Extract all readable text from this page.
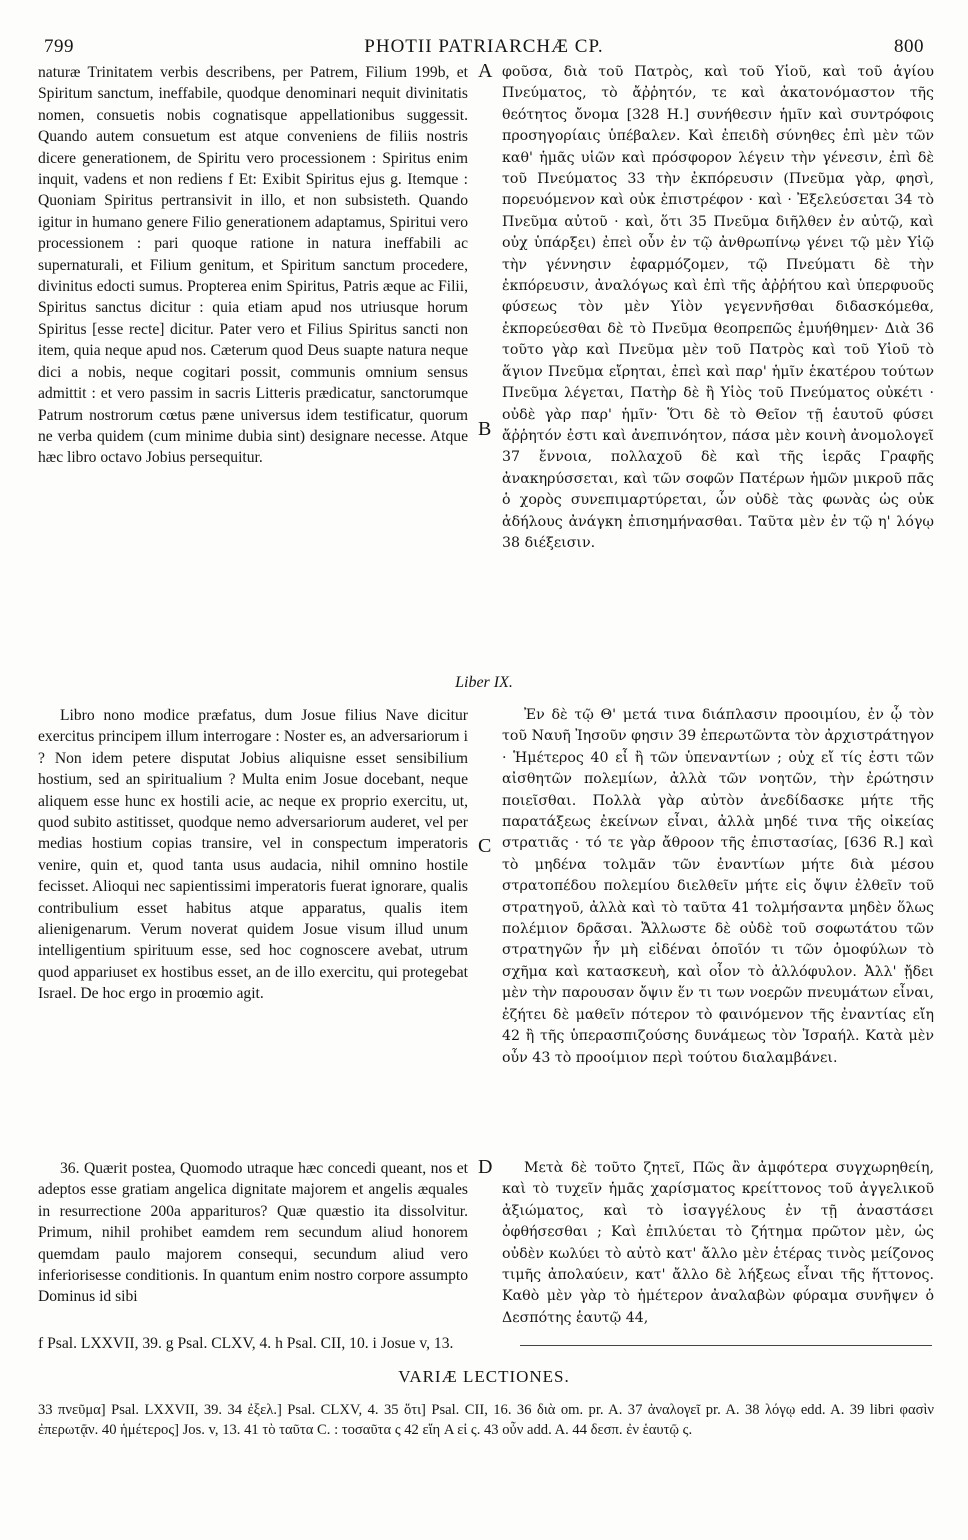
799	PHOTII PATRIARCHÆ CP.	800
A
B
C
D

naturæ Trinitatem verbis describens, per Patrem, Filium 199b, et Spiritum sanctum, ineffabile, quodque denominari nequit divinitatis nomen, consuetis nobis cognatisque appellationibus suggessit. Quando autem consuetum est atque conveniens de filiis nostris dicere generationem, de Spiritu vero processionem : Spiritus enim inquit, vadens et non rediens f Et: Exibit Spiritus ejus g. Itemque : Quoniam Spiritus pertransivit in illo, et non subsisteth. Quando igitur in humano genere Filio generationem adaptamus, Spiritui vero processionem : pari quoque ratione in natura ineffabili ac supernaturali, et Filium genitum, et Spiritum sanctum procedere, divinitus edocti sumus. Propterea enim Spiritus, Patris æque ac Filii, Spiritus sanctus dicitur : quia etiam apud nos utriusque horum Spiritus [esse recte] dicitur. Pater vero et Filius Spiritus sancti non item, quia neque apud nos. Cæterum quod Deus suapte natura neque dici a nobis, neque cogitari possit, communis omnium sensus admittit : et vero passim in sacris Litteris prædicatur, sanctorumque Patrum nostrorum cœtus pæne universus idem testificatur, quorum ne verba quidem (cum minime dubia sint) designare necesse. Atque hæc libro octavo Jobius persequitur.

φοῦσα, διὰ τοῦ Πατρὸς, καὶ τοῦ Υἱοῦ, καὶ τοῦ ἁγίου Πνεύματος, τὸ ἄῤῥητόν, τε καὶ ἀκατονόμαστον τῆς θεότητος ὄνομα [328 H.] συνήθεσιν ἡμῖν καὶ συντρόφοις προσηγορίαις ὑπέβαλεν. Καὶ ἐπειδὴ σύνηθες ἐπὶ μὲν τῶν καθ' ἡμᾶς υἱῶν καὶ πρόσφορον λέγειν τὴν γένεσιν, ἐπὶ δὲ τοῦ Πνεύματος 33 τὴν ἐκπόρευσιν (Πνεῦμα γὰρ, φησὶ, πορευόμενον καὶ οὐκ ἐπιστρέφον · καὶ · Ἐξελεύσεται 34 τὸ Πνεῦμα αὐτοῦ · καὶ, ὅτι 35 Πνεῦμα διῆλθεν ἐν αὐτῷ, καὶ οὐχ ὑπάρξει) ἐπεὶ οὖν ἐν τῷ ἀνθρωπίνῳ γένει τῷ μὲν Υἱῷ τὴν γέννησιν ἐφαρμόζομεν, τῷ Πνεύματι δὲ τὴν ἐκπόρευσιν, ἀναλόγως καὶ ἐπὶ τῆς ἀῤῥήτου καὶ ὑπερφυοῦς φύσεως τὸν μὲν Υἱὸν γεγεννῆσθαι διδασκόμεθα, ἐκπορεύεσθαι δὲ τὸ Πνεῦμα θεοπρεπῶς ἐμυήθημεν· Διὰ 36 τοῦτο γὰρ καὶ Πνεῦμα μὲν τοῦ Πατρὸς καὶ τοῦ Υἱοῦ τὸ ἅγιον Πνεῦμα εἴρηται, ἐπεὶ καὶ παρ' ἡμῖν ἑκατέρου τούτων Πνεῦμα λέγεται, Πατὴρ δὲ ἢ Υἱὸς τοῦ Πνεύματος οὐκέτι · οὐδὲ γὰρ παρ' ἡμῖν· Ὅτι δὲ τὸ Θεῖον τῇ ἑαυτοῦ φύσει ἄῤῥητόν ἐστι καὶ ἀνεπινόητον, πάσα μὲν κοινὴ ἀνομολογεῖ 37 ἔννοια, πολλαχοῦ δὲ καὶ τῆς ἱερᾶς Γραφῆς ἀνακηρύσσεται, καὶ τῶν σοφῶν Πατέρων ἡμῶν μικροῦ πᾶς ὁ χορὸς συνεπιμαρτύρεται, ὧν οὐδὲ τὰς φωνὰς ὡς οὐκ ἀδήλους ἀνάγκη ἐπισημήνασθαι. Ταῦτα μὲν ἐν τῷ η' λόγῳ 38 διέξεισιν.

Liber IX.

Libro nono modice præfatus, dum Josue filius Nave dicitur exercitus principem illum interrogare : Noster es, an adversariorum i ? Non idem petere disputat Jobius aliquisne esset sensibilium hostium, sed an spiritualium ? Multa enim Josue docebant, neque aliquem esse hunc ex hostili acie, ac neque ex proprio exercitu, ut, quod subito astitisset, quodque nemo adversariorum auderet, vel per medias hostium copias transire, vel in conspectum imperatoris venire, quin et, quod tanta usus audacia, nihil omnino hostile fecisset. Alioqui nec sapientissimi imperatoris fuerat ignorare, qualis contribulium esset habitus atque apparatus, qualis item alienigenarum. Verum noverat quidem Josue visum illud unum intelligentium spirituum esse, sed hoc cognoscere avebat, utrum quod appariuset ex hostibus esset, an de illo exercitu, qui protegebat Israel. De hoc ergo in proœmio agit.

Ἐν δὲ τῷ Θ' μετά τινα διάπλασιν προοιμίου, ἐν ᾧ τὸν τοῦ Ναυῆ Ἰησοῦν φησιν 39 ἐπερωτῶντα τὸν ἀρχιστράτηγον · Ἡμέτερος 40 εἶ ἢ τῶν ὑπεναντίων ; οὐχ εἴ τίς ἐστι τῶν αἰσθητῶν πολεμίων, ἀλλὰ τῶν νοητῶν, τὴν ἐρώτησιν ποιεῖσθαι. Πολλὰ γὰρ αὐτὸν ἀνεδίδασκε μήτε τῆς παρατάξεως ἐκείνων εἶναι, ἀλλὰ μηδέ τινα τῆς οἰκείας στρατιᾶς · τό τε γὰρ ἄθροον τῆς ἐπιστασίας, [636 R.] καὶ τὸ μηδένα τολμᾶν τῶν ἐναντίων μήτε διὰ μέσου στρατοπέδου πολεμίου διελθεῖν μήτε εἰς ὄψιν ἐλθεῖν τοῦ στρατηγοῦ, ἀλλὰ καὶ τὸ ταῦτα 41 τολμήσαντα μηδὲν ὅλως πολέμιον δρᾶσαι. Ἄλλωστε δὲ οὐδὲ τοῦ σοφωτάτου τῶν στρατηγῶν ἦν μὴ εἰδέναι ὁποῖόν τι τῶν ὁμοφύλων τὸ σχῆμα καὶ κατασκευὴ, καὶ οἷον τὸ ἀλλόφυλον. Ἀλλ' ᾔδει μὲν τὴν παρουσαν ὄψιν ἕν τι των νοερῶν πνευμάτων εἶναι, ἐζήτει δὲ μαθεῖν πότερον τὸ φαινόμενον τῆς ἐναντίας εἴη 42 ἢ τῆς ὑπερασπιζούσης δυνάμεως τὸν Ἰσραήλ. Κατὰ μὲν οὖν 43 τὸ προοίμιον περὶ τούτου διαλαμβάνει.

36. Quærit postea, Quomodo utraque hæc concedi queant, nos et adeptos esse gratiam angelica dignitate majorem et angelis æquales in resurrectione 200a apparituros? Quæ quæstio ita dissolvitur. Primum, nihil prohibet eamdem rem secundum aliud honorem quemdam paulo majorem consequi, secundum aliud vero inferiorisesse conditionis. In quantum enim nostro corpore assumpto Dominus id sibi

Μετὰ δὲ τοῦτο ζητεῖ, Πῶς ἂν ἀμφότερα συγχωρηθείη, καὶ τὸ τυχεῖν ἡμᾶς χαρίσματος κρείττονος τοῦ ἀγγελικοῦ ἀξιώματος, καὶ τὸ ἰσαγγέλους ἐν τῇ ἀναστάσει ὀφθήσεσθαι ; Καὶ ἐπιλύεται τὸ ζήτημα πρῶτον μὲν, ὡς οὐδὲν κωλύει τὸ αὐτὸ κατ' ἄλλο μὲν ἑτέρας τινὸς μείζονος τιμῆς ἀπολαύειν, κατ' ἄλλο δὲ λήξεως εἶναι τῆς ἥττονος. Καθὸ μὲν γὰρ τὸ ἡμέτερον ἀναλαβὼν φύραμα συνῆψεν ὁ Δεσπότης ἑαυτῷ 44,

f Psal. LXXVII, 39. g Psal. CLXV, 4. h Psal. CII, 10. i Josue v, 13.
VARIÆ LECTIONES.
33 πνεῦμα] Psal. LXXVII, 39. 34 ἐξελ.] Psal. CLXV, 4. 35 ὅτι] Psal. CII, 16. 36 διὰ om. pr. A. 37 ἀναλογεῖ pr. A. 38 λόγῳ edd. A. 39 libri φασὶν ἐπερωτᾷν. 40 ἡμέτερος] Jos. v, 13. 41 τὸ ταῦτα C. : τοσαῦτα ς 42 εἴη A εἰ ς. 43 οὖν add. A. 44 δεσπ. ἐν ἑαυτῷ ς.
